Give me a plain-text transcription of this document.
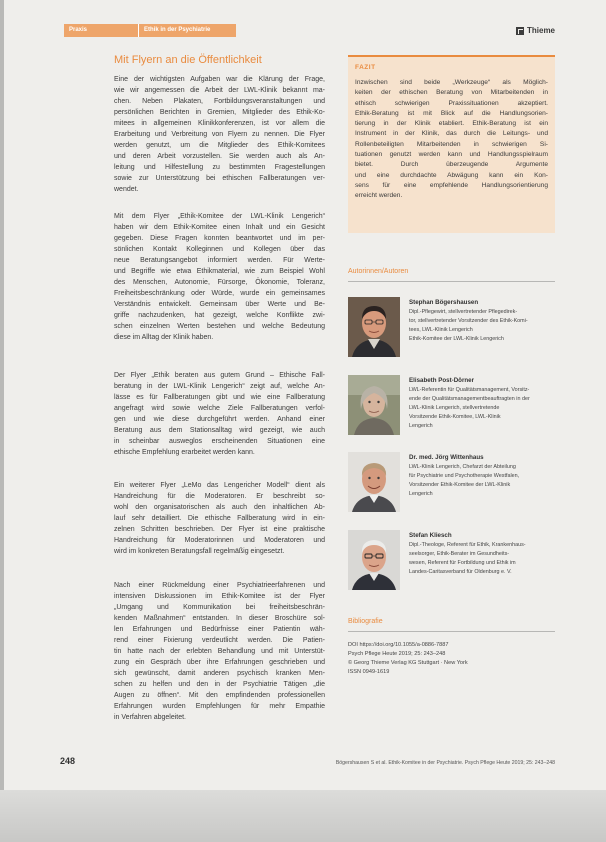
Praxis	Ethik in der Psychiatrie	Thieme
Mit Flyern an die Öffentlichkeit
Eine der wichtigsten Aufgaben war die Klärung der Frage,
wie wir angemessen die Arbeit der LWL-Klinik bekannt ma-
chen. Neben Plakaten, Fortbildungsveranstaltungen und
persönlichen Berichten in Gremien, Mitglieder des Ethik-Ko-
mitees in allgemeinen Klinikkonferenzen, ist vor allem die
Erarbeitung und Verbreitung von Flyern zu nennen. Die Flyer
werden genutzt, um die Mitglieder des Ethik-Komitees
und deren Arbeit vorzustellen. Sie werden auch als An-
leitung und Hilfestellung zu bestimmten Fragestellungen
sowie zur Unterstützung bei ethischen Fallberatungen ver-
wendet.
Mit dem Flyer „Ethik-Komitee der LWL-Klinik Lengerich“
haben wir dem Ethik-Komitee einen Inhalt und ein Gesicht
gegeben. Diese Fragen konnten beantwortet und im per-
sönlichen Kontakt Kolleginnen und Kollegen über das
neue Beratungsangebot informiert werden. Für Werte-
und Begriffe wie etwa Ethikmaterial, wie zum Beispiel Wohl
des Menschen, Autonomie, Fürsorge, Ökonomie, Toleranz,
Freiheitsbeschränkung oder Würde, wurde ein gemeinsames
Verständnis entwickelt. Gemeinsam über Werte und Be-
griffe nachzudenken, hat gezeigt, welche Konflikte zwi-
schen einzelnen Werten bestehen und welche Bedeutung
diese im Alltag der Klinik haben.
Der Flyer „Ethik beraten aus gutem Grund – Ethische Fall-
beratung in der LWL-Klinik Lengerich“ zeigt auf, welche An-
lässe es für Fallberatungen gibt und wie eine Fallberatung
angefragt wird sowie welche Ziele Fallberatungen verfol-
gen und wie diese durchgeführt werden. Anhand einer
Beratung aus dem Stationsalltag wird gezeigt, wie auch
in scheinbar ausweglos erscheinenden Situationen eine
ethische Empfehlung erarbeitet werden kann.
Ein weiterer Flyer „LeMo das Lengericher Modell“ dient als
Handreichung für die Moderatoren. Er beschreibt so-
wohl den organisatorischen als auch den inhaltlichen Ab-
lauf sehr detailliert. Die ethische Fallberatung wird in ein-
zelnen Schritten beschrieben. Der Flyer ist eine praktische
Handreichung für Moderatorinnen und Moderatoren und
wird im konkreten Beratungsfall regelmäßig eingesetzt.
Nach einer Rückmeldung einer Psychiatrieerfahrenen und
intensiven Diskussionen im Ethik-Komitee ist der Flyer
„Umgang und Kommunikation bei freiheitsbeschrän-
kenden Maßnahmen“ entstanden. In dieser Broschüre sol-
len Erfahrungen und Bedürfnisse einer Patientin wäh-
rend einer Fixierung verdeutlicht werden. Die Patien-
tin hatte nach der erlebten Behandlung und mit Unterstüt-
zung ein Gespräch über ihre Erfahrungen geschrieben und
sich gewünscht, damit anderen psychisch kranken Men-
schen zu helfen und den in der Psychiatrie Tätigen „die
Augen zu öffnen“. Mit den empfindenden professionellen
Erfahrungen wurden Empfehlungen für mehr Empathie
in Verfahren abgeleitet.
FAZIT
Inzwischen sind beide „Werkzeuge“ als Möglich-
keiten der ethischen Beratung von Mitarbeitenden in
ethisch schwierigen Praxissituationen akzeptiert.
Ethik-Beratung ist mit Blick auf die Handlungsorien-
tierung in der Klinik etabliert. Ethik-Beratung ist ein
Instrument in der Klinik, das durch die Leitungs- und
Rollenbeteiligten Mitarbeitenden in schwierigen Si-
tuationen genutzt werden kann und Handlungsspielraum
bietet. Durch überzeugende Argumente
und eine durchdachte Abwägung kann ein Kon-
sens für eine empfehlende Handlungsorientierung
erreicht werden.
Autorinnen/Autoren
Stephan Bögershausen
Dipl.-Pflegewirt, stellvertretender Pflegedirek-
tor, stellvertretender Vorsitzender des Ethik-Komi-
tees, LWL-Klinik Lengerich
Ethik-Komitee der LWL-Klinik Lengerich
Elisabeth Post-Dörner
LWL-Referentin für Qualitätsmanagement, Vorsitz-
ende der Qualitätsmanagementbeauftragten in der
LWL-Klinik Lengerich, stellvertretende
Vorsitzende Ethik-Komitee, LWL-Klinik
Lengerich
Dr. med. Jörg Wittenhaus
LWL-Klinik Lengerich, Chefarzt der Abteilung
für Psychiatrie und Psychotherapie Westfalen,
Vorsitzender Ethik-Komitee der LWL-Klinik
Lengerich
Stefan Kliesch
Dipl.-Theologe, Referent für Ethik, Krankenhaus-
seelsorger, Ethik-Berater im Gesundheits-
wesen, Referent für Fortbildung und Ethik im
Landes-Caritasverband für Oldenburg e. V.
Bibliografie
DOI https://doi.org/10.1055/a-0886-7887
Psych Pflege Heute 2019; 25: 243–248
© Georg Thieme Verlag KG Stuttgart · New York
ISSN 0949-1619
248	Bögershausen S et al. Ethik-Komitee in der Psychiatrie. Psych Pflege Heute 2019; 25: 243–248
